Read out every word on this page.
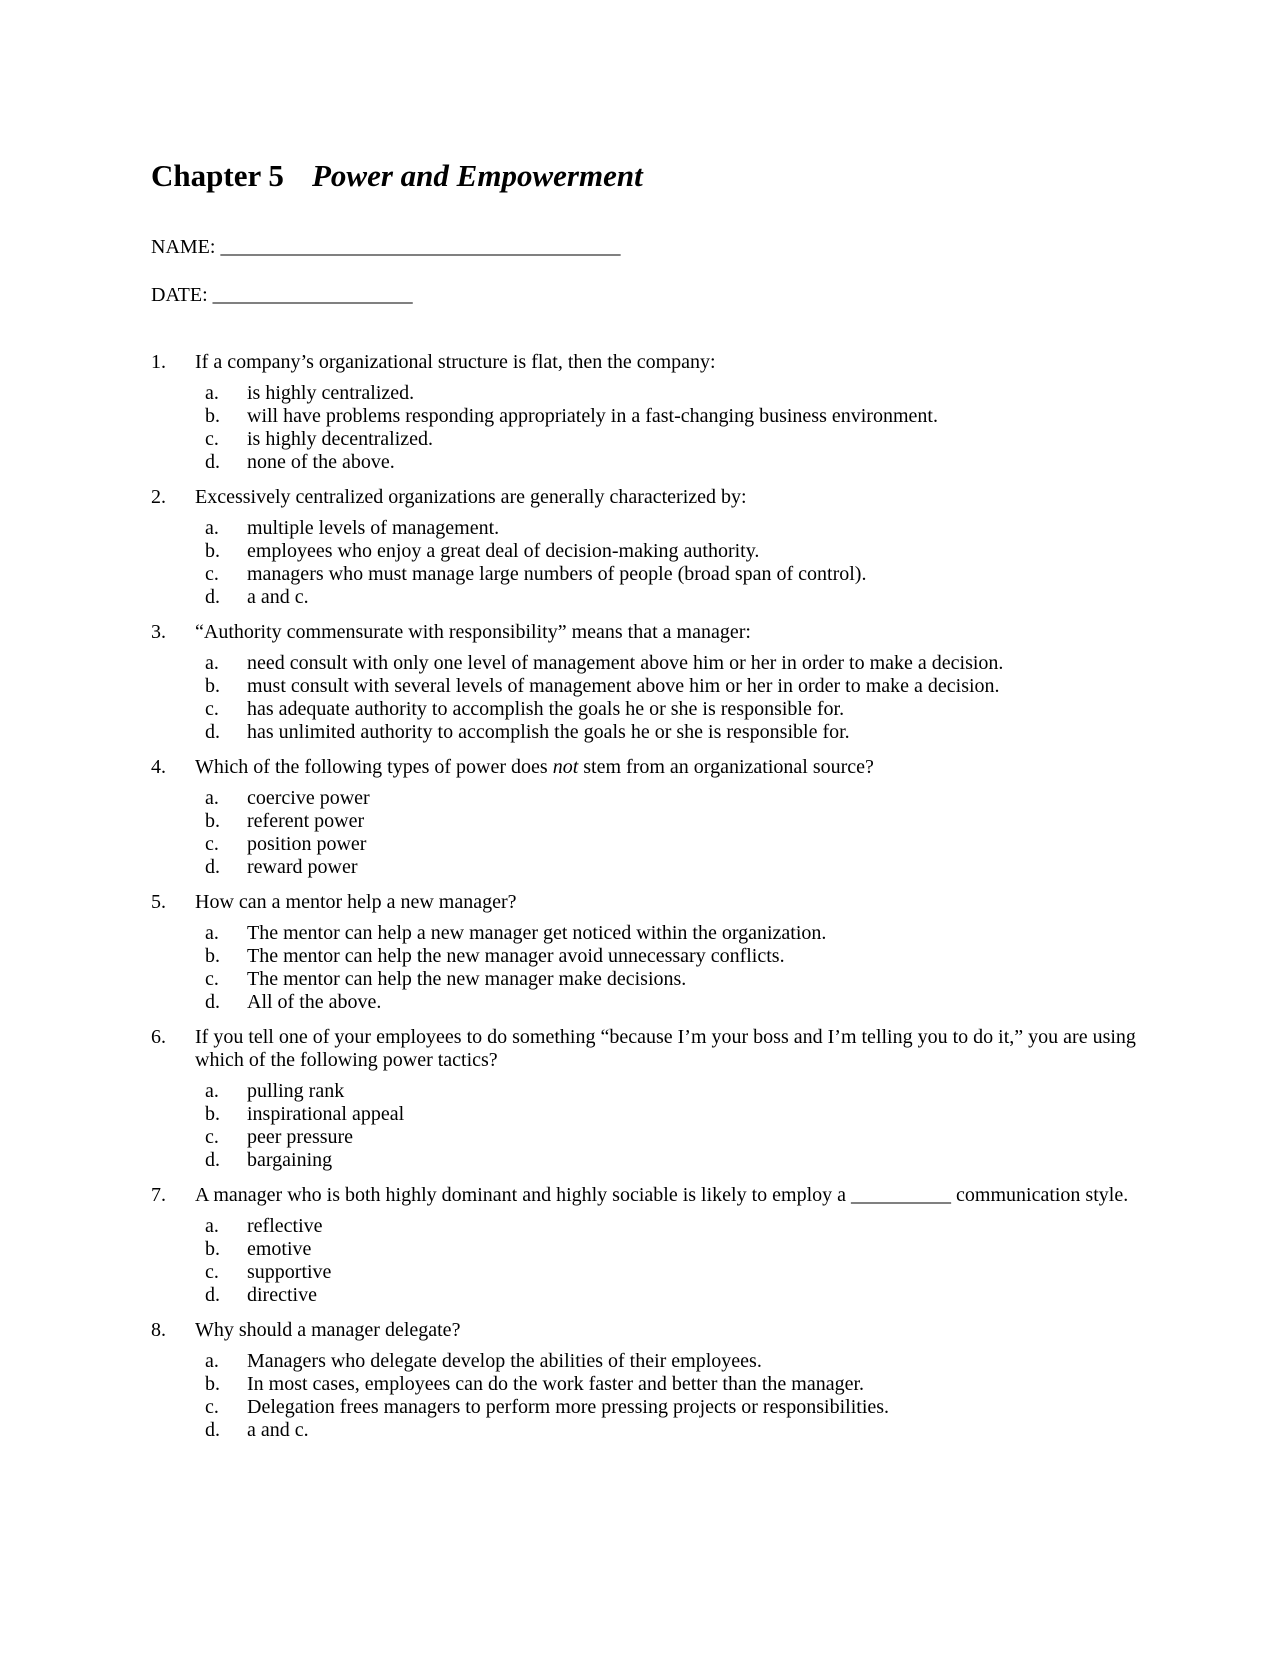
Chapter 5 Power and Empowerment
NAME: ________________________________________
DATE: ____________________
1.	If a company’s organizational structure is flat, then the company:
a.	is highly centralized.
b.	will have problems responding appropriately in a fast-changing business environment.
c.	is highly decentralized.
d.	none of the above.
2.	Excessively centralized organizations are generally characterized by:
a.	multiple levels of management.
b.	employees who enjoy a great deal of decision-making authority.
c.	managers who must manage large numbers of people (broad span of control).
d.	a and c.
3.	“Authority commensurate with responsibility” means that a manager:
a.	need consult with only one level of management above him or her in order to make a decision.
b.	must consult with several levels of management above him or her in order to make a decision.
c.	has adequate authority to accomplish the goals he or she is responsible for.
d.	has unlimited authority to accomplish the goals he or she is responsible for.
4.	Which of the following types of power does not stem from an organizational source?
a.	coercive power
b.	referent power
c.	position power
d.	reward power
5.	How can a mentor help a new manager?
a.	The mentor can help a new manager get noticed within the organization.
b.	The mentor can help the new manager avoid unnecessary conflicts.
c.	The mentor can help the new manager make decisions.
d.	All of the above.
6.	If you tell one of your employees to do something “because I’m your boss and I’m telling you to do it,” you are using which of the following power tactics?
a.	pulling rank
b.	inspirational appeal
c.	peer pressure
d.	bargaining
7.	A manager who is both highly dominant and highly sociable is likely to employ a __________ communication style.
a.	reflective
b.	emotive
c.	supportive
d.	directive
8.	Why should a manager delegate?
a.	Managers who delegate develop the abilities of their employees.
b.	In most cases, employees can do the work faster and better than the manager.
c.	Delegation frees managers to perform more pressing projects or responsibilities.
d.	a and c.
